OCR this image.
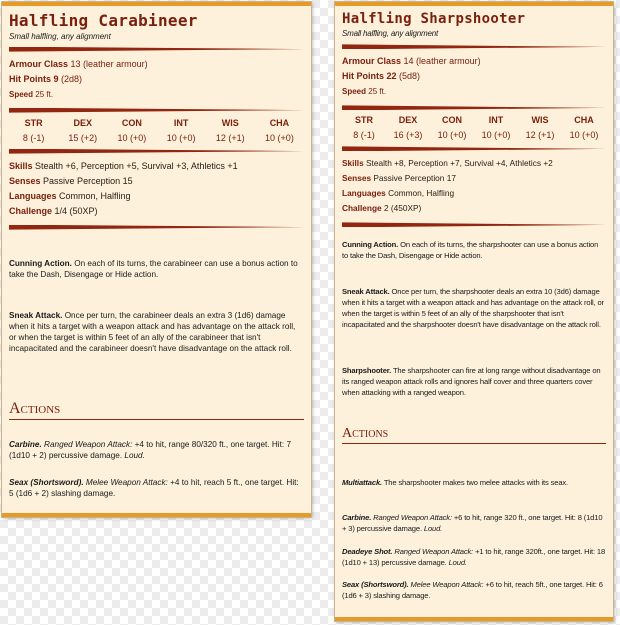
Halfling Carabineer
Small halfling, any alignment
Armour Class 13 (leather armour)
Hit Points 9 (2d8)
Speed 25 ft.
STR
8 (-1)
DEX
15 (+2)
CON
10 (+0)
INT
10 (+0)
WIS
12 (+1)
CHA
10 (+0)
Skills Stealth +6, Perception +5, Survival +3, Athletics +1
Senses Passive Perception 15
Languages Common, Halfling
Challenge 1/4 (50XP)

Cunning Action. On each of its turns, the carabineer can use a bonus action to take the Dash, Disengage or Hide action.

Sneak Attack. Once per turn, the carabineer deals an extra 3 (1d6) damage when it hits a target with a weapon attack and has advantage on the attack roll, or when the target is within 5 feet of an ally of the carabineer that isn't incapacitated and the carabineer doesn't have disadvantage on the attack roll.

Actions

Carbine. Ranged Weapon Attack: +4 to hit, range 80/320 ft., one target. Hit: 7 (1d10 + 2) percussive damage. Loud.

Seax (Shortsword). Melee Weapon Attack: +4 to hit, reach 5 ft., one target. Hit: 5 (1d6 + 2) slashing damage.

Halfling Sharpshooter
Small halfling, any alignment
Armour Class 14 (leather armour)
Hit Points 22 (5d8)
Speed 25 ft.
STR
8 (-1)
DEX
16 (+3)
CON
10 (+0)
INT
10 (+0)
WIS
12 (+1)
CHA
10 (+0)
Skills Stealth +8, Perception +7, Survival +4, Athletics +2
Senses Passive Perception 17
Languages Common, Halfling
Challenge 2 (450XP)

Cunning Action. On each of its turns, the sharpshooter can use a bonus action to take the Dash, Disengage or Hide action.

Sneak Attack. Once per turn, the sharpshooter deals an extra 10 (3d6) damage when it hits a target with a weapon attack and has advantage on the attack roll, or when the target is within 5 feet of an ally of the sharpshooter that isn't incapacitated and the sharpshooter doesn't have disadvantage on the attack roll.

Sharpshooter. The sharpshooter can fire at long range without disadvantage on its ranged weapon attack rolls and ignores half cover and three quarters cover when attacking with a ranged weapon.

Actions

Multiattack. The sharpshooter makes two melee attacks with its seax.

Carbine. Ranged Weapon Attack: +6 to hit, range 320 ft., one target. Hit: 8 (1d10 + 3) percussive damage. Loud.

Deadeye Shot. Ranged Weapon Attack: +1 to hit, range 320ft., one target. Hit: 18 (1d10 + 13) percussive damage. Loud.

Seax (Shortsword). Melee Weapon Attack: +6 to hit, reach 5ft., one target. Hit: 6 (1d6 + 3) slashing damage.
